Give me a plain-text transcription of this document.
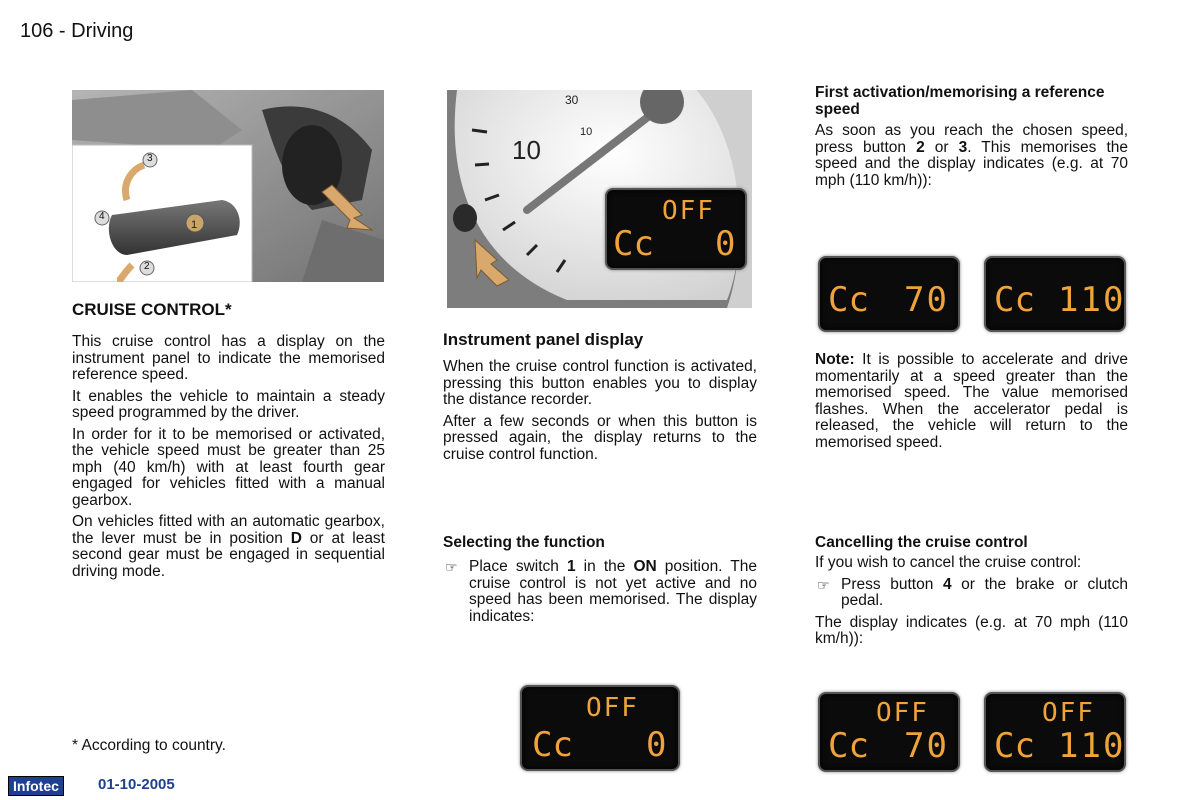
106 - Driving
1
3
4
2

CRUISE CONTROL*

This cruise control has a display on the instrument panel to indicate the memorised reference speed.

It enables the vehicle to maintain a steady speed programmed by the driver.

In order for it to be memorised or activated, the vehicle speed must be greater than 25 mph (40 km/h) with at least fourth gear engaged for vehicles fitted with a manual gearbox.

On vehicles fitted with an automatic gearbox, the lever must be in position D or at least second gear must be engaged in sequential driving mode.

* According to country.
30
10
10
OFF
Cc 0

Instrument panel display

When the cruise control function is activated, pressing this button enables you to display the distance recorder.

After a few seconds or when this button is pressed again, the display returns to the cruise control function.

Selecting the function

☞ Place switch 1 in the ON position. The cruise control is not yet active and no speed has been memorised. The display indicates:

OFF
Cc 0

First activation/memorising a reference speed

As soon as you reach the chosen speed, press button 2 or 3. This memorises the speed and the display indicates (e.g. at 70 mph (110 km/h)):

Cc 70 Cc 110

Note: It is possible to accelerate and drive momentarily at a speed greater than the memorised speed. The value memorised flashes. When the accelerator pedal is released, the vehicle will return to the memorised speed.

Cancelling the cruise control

If you wish to cancel the cruise control:

☞ Press button 4 or the brake or clutch pedal.

The display indicates (e.g. at 70 mph (110 km/h)):

OFF
Cc 70
OFF
Cc 110
Infotec	01-10-2005
